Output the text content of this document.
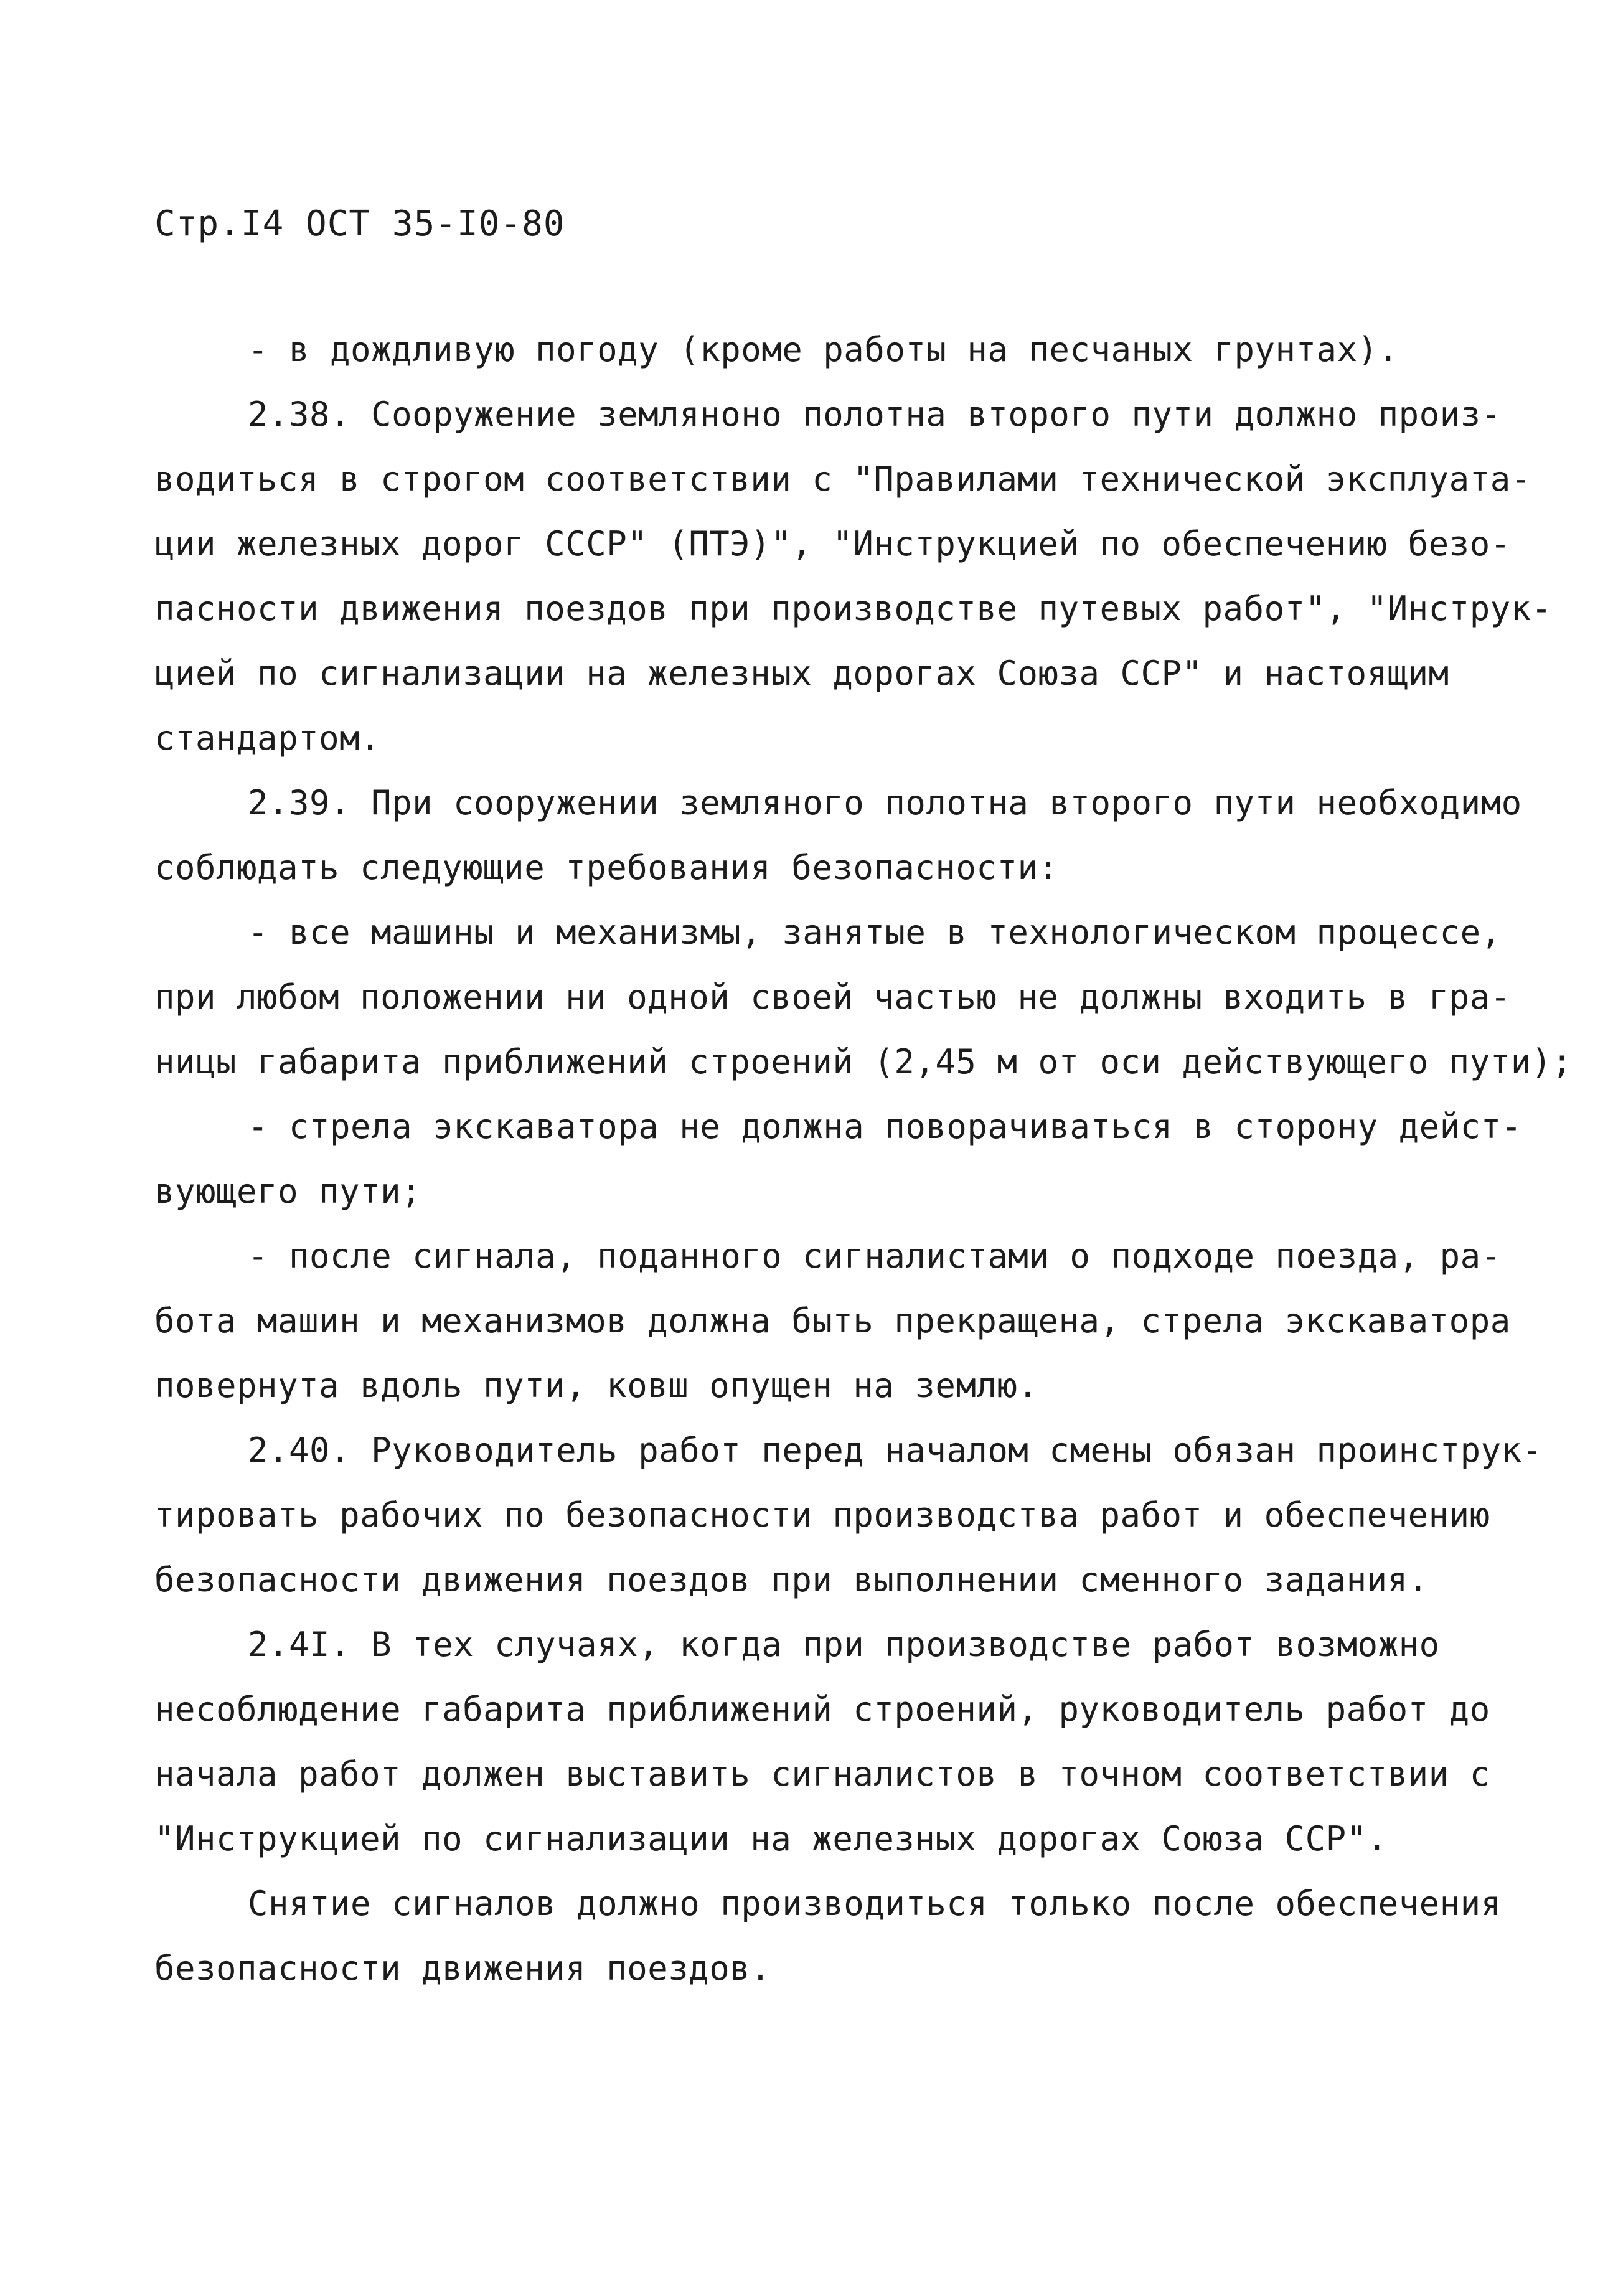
Стр.I4 ОСТ 35-I0-80
- в дождливую погоду (кроме работы на песчаных грунтах).
2.38. Сооружение землянонo полотна второго пути должно произ-
водиться в строгом соответствии с "Правилами технической эксплуата-
ции железных дорог СССР" (ПТЭ)", "Инструкцией по обеспечению безо-
пасности движения поездов при производстве путевых работ", "Инструк-
цией по сигнализации на железных дорогах Союза ССР" и настоящим
стандартом.
2.39. При сооружении земляного полотна второго пути необходимо
соблюдать следующие требования безопасности:
- все машины и механизмы, занятые в технологическом процессе,
при любом положении ни одной своей частью не должны входить в гра-
ницы габарита приближений строений (2,45 м от оси действующего пути);
- стрела экскаватора не должна поворачиваться в сторону дейст-
вующего пути;
- после сигнала, поданного сигналистами о подходе поезда, ра-
бота машин и механизмов должна быть прекращена, стрела экскаватора
повернута вдоль пути, ковш опущен на землю.
2.40. Руководитель работ перед началом смены обязан проинструк-
тировать рабочих по безопасности производства работ и обеспечению
безопасности движения поездов при выполнении сменного задания.
2.4I. В тех случаях, когда при производстве работ возможно
несоблюдение габарита приближений строений, руководитель работ до
начала работ должен выставить сигналистов в точном соответствии с
"Инструкцией по сигнализации на железных дорогах Союза ССР".
Снятие сигналов должно производиться только после обеспечения
безопасности движения поездов.
